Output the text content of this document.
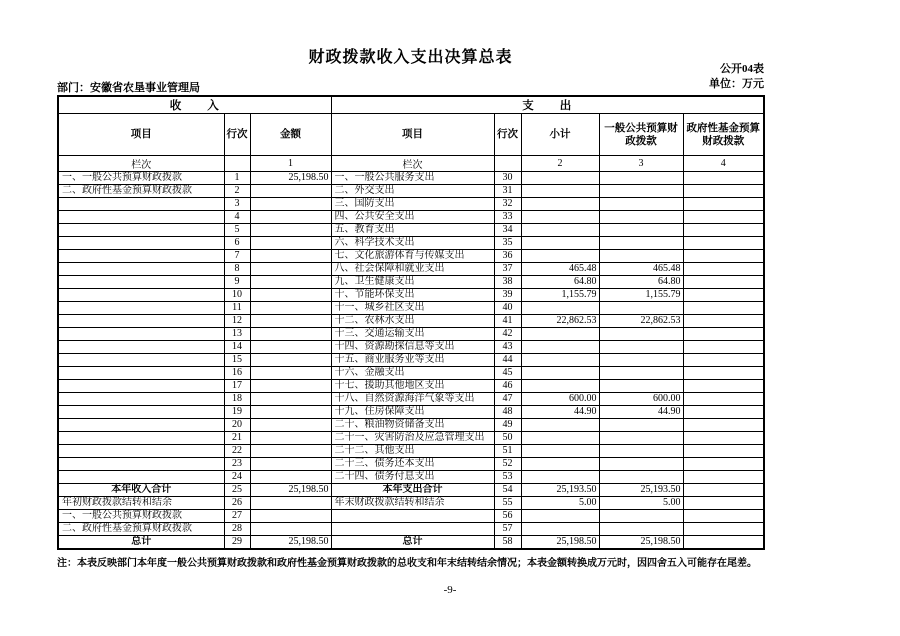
财政拨款收入支出决算总表
公开04表
单位：万元
部门：安徽省农垦事业管理局
收　　入			支　　出				
项目	行次	金额	项目	行次	小计	一般公共预算财政拨款	政府性基金预算财政拨款
栏次		1	栏次		2	3	4
一、一般公共预算财政拨款	1	25,198.50	一、一般公共服务支出	30			
二、政府性基金预算财政拨款	2		二、外交支出	31			
	3		三、国防支出	32			
	4		四、公共安全支出	33			
	5		五、教育支出	34			
	6		六、科学技术支出	35			
	7		七、文化旅游体育与传媒支出	36			
	8		八、社会保障和就业支出	37	465.48	465.48	
	9		九、卫生健康支出	38	64.80	64.80	
	10		十、节能环保支出	39	1,155.79	1,155.79	
	11		十一、城乡社区支出	40			
	12		十二、农林水支出	41	22,862.53	22,862.53	
	13		十三、交通运输支出	42			
	14		十四、资源勘探信息等支出	43			
	15		十五、商业服务业等支出	44			
	16		十六、金融支出	45			
	17		十七、援助其他地区支出	46			
	18		十八、自然资源海洋气象等支出	47	600.00	600.00	
	19		十九、住房保障支出	48	44.90	44.90	
	20		二十、粮油物资储备支出	49			
	21		二十一、灾害防治及应急管理支出	50			
	22		二十二、其他支出	51			
	23		二十三、债务还本支出	52			
	24		二十四、债务付息支出	53			
本年收入合计	25	25,198.50	本年支出合计	54	25,193.50	25,193.50	
年初财政拨款结转和结余	26		年末财政拨款结转和结余	55	5.00	5.00	
一、一般公共预算财政拨款	27			56			
二、政府性基金预算财政拨款	28			57			
总计	29	25,198.50	总计	58	25,198.50	25,198.50	
注：本表反映部门本年度一般公共预算财政拨款和政府性基金预算财政拨款的总收支和年末结转结余情况；本表金额转换成万元时，因四舍五入可能存在尾差。
-9-
